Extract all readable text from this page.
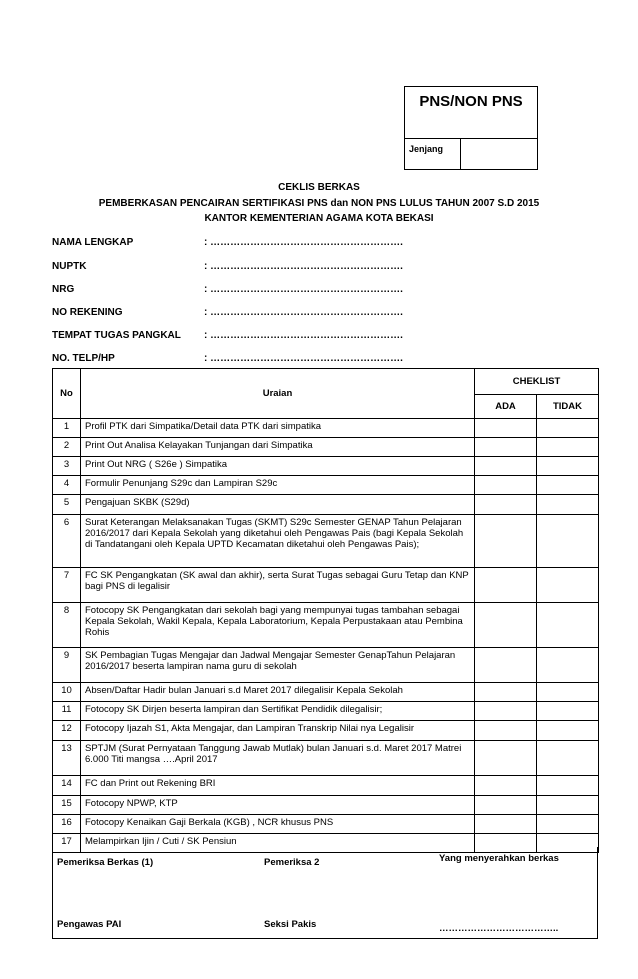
PNS/NON PNS
Jenjang
CEKLIS BERKAS
PEMBERKASAN PENCAIRAN SERTIFIKASI PNS dan NON PNS LULUS TAHUN 2007 S.D 2015
KANTOR KEMENTERIAN AGAMA KOTA BEKASI
NAMA LENGKAP	: ………………………………………………….
NUPTK	: ………………………………………………….
NRG	: ………………………………………………….
NO REKENING	: ………………………………………………….
TEMPAT TUGAS PANGKAL : ………………………………………………….
NO. TELP/HP	: ………………………………………………….
No	Uraian	CHEKLIST	
		ADA	TIDAK
1	Profil PTK dari Simpatika/Detail data PTK dari simpatika		
2	Print Out Analisa Kelayakan Tunjangan dari Simpatika		
3	Print Out NRG ( S26e ) Simpatika		
4	Formulir Penunjang S29c dan Lampiran S29c		
5	Pengajuan SKBK (S29d)		
6	Surat Keterangan Melaksanakan Tugas (SKMT) S29c Semester GENAP Tahun Pelajaran 2016/2017 dari Kepala Sekolah yang diketahui oleh Pengawas Pais (bagi Kepala Sekolah di Tandatangani oleh Kepala UPTD Kecamatan diketahui oleh Pengawas Pais);		
7	FC SK Pengangkatan (SK awal dan akhir), serta Surat Tugas sebagai Guru Tetap dan KNP bagi PNS di legalisir		
8	Fotocopy SK Pengangkatan dari sekolah bagi yang mempunyai tugas tambahan sebagai Kepala Sekolah, Wakil Kepala, Kepala Laboratorium, Kepala Perpustakaan atau Pembina Rohis		
9	SK Pembagian Tugas Mengajar dan Jadwal Mengajar Semester GenapTahun Pelajaran 2016/2017 beserta lampiran nama guru di sekolah		
10	Absen/Daftar Hadir bulan Januari s.d Maret 2017 dilegalisir Kepala Sekolah		
11	Fotocopy SK Dirjen beserta lampiran dan Sertifikat Pendidik dilegalisir;		
12	Fotocopy Ijazah S1, Akta Mengajar, dan Lampiran Transkrip Nilai nya Legalisir		
13	SPTJM (Surat Pernyataan Tanggung Jawab Mutlak) bulan Januari s.d. Maret 2017 Matrei 6.000 Titi mangsa ….April 2017		
14	FC dan Print out Rekening BRI		
15	Fotocopy NPWP, KTP		
16	Fotocopy Kenaikan Gaji Berkala (KGB) , NCR khusus PNS		
17	Melampirkan Ijin / Cuti / SK Pensiun		
Pemeriksa Berkas (1)	Pemeriksa 2	Yang menyerahkan berkas
Pengawas PAI	Seksi Pakis	………………………………..
